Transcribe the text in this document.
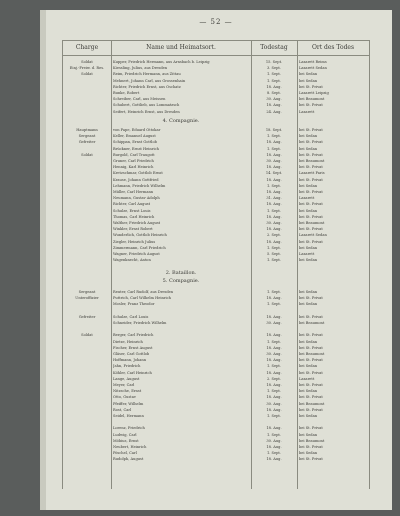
— 52 —
Charge	Name und Heimatsort.	Todestag	Ort des Todes
Soldat	Kupper, Friedrich Hermann, aus Arnsbach b. Leipzig	15. Sept.	Lazarett Reims
Einj.-Freiw. d. Res.	Kiessling, Julius, aus Dresden	3. Sept.	Lazarett Sedan
Soldat	Reim, Friedrich Hermann, aus Zittau	1. Sept.	bei Sedan
Mehnert, Johann Carl, aus Grossenhain	1. Sept.	bei Sedan
Richter, Friedrich Ernst, aus Oschatz	18. Aug.	bei St. Privat
Bunke, Robert	8. Sept.	Lazarett Leipzig
Schreiber, Carl, aus Meissen	30. Aug.	bei Beaumont
Schubert, Gottlieb, aus Lommatzsch	18. Aug.	bei St. Privat
Seifert, Heinrich Ernst, aus Dresden	24. Aug.	Lazarett
4. Compagnie.
Hauptmann	von Pape, Eduard Ottokar	18. Sept.	bei St. Privat
Sergeant	Keller, Emanuel August	1. Sept.	bei Sedan
Gefreiter	Schippan, Ernst Gottlob	18. Aug.	bei St. Privat
Brückner, Ernst Heinrich	1. Sept.	bei Sedan
Soldat	Burgold, Carl Traugott	18. Aug.	bei St. Privat
Gruner, Carl Friedrich	30. Aug.	bei Beaumont
Hennig, Karl Heinrich	18. Aug.	bei St. Privat
Kretzschmar, Gottlob Ernst	14. Sept.	Lazarett Paris
Krause, Johann Gottfried	18. Aug.	bei St. Privat
Lehmann, Friedrich Wilhelm	1. Sept.	bei Sedan
Müller, Carl Hermann	18. Aug.	bei St. Privat
Neumann, Gustav Adolph	31. Aug.	Lazarett
Richter, Carl August	18. Aug.	bei St. Privat
Schulze, Ernst Louis	1. Sept.	bei Sedan
Thomas, Carl Heinrich	18. Aug.	bei St. Privat
Walther, Friedrich August	30. Aug.	bei Beaumont
Winkler, Ernst Robert	18. Aug.	bei St. Privat
Wunderlich, Gottlob Heinrich	2. Sept.	Lazarett Sedan
Ziegler, Heinrich Julius	18. Aug.	bei St. Privat
Zimmermann, Carl Friedrich	1. Sept.	bei Sedan
Wagner, Friedrich August	5. Sept.	Lazarett
Wagenknecht, Anton	1. Sept.	bei Sedan
2. Bataillon.
5. Compagnie.
Sergeant	Reuter, Carl Rudolf, aus Dresden	1. Sept.	bei Sedan
Unteroffizier	Puttrich, Carl Wilhelm Heinrich	18. Aug.	bei St. Privat
Mosler, Franz Theodor	1. Sept.	bei Sedan
Gefreiter	Schulze, Carl Louis	18. Aug.	bei St. Privat
Schneider, Friedrich Wilhelm	30. Aug.	bei Beaumont
Soldat	Berger, Carl Friedrich	18. Aug.	bei St. Privat
Dietze, Heinrich	1. Sept.	bei Sedan
Fischer, Ernst August	18. Aug.	bei St. Privat
Gläser, Carl Gottlob	30. Aug.	bei Beaumont
Hoffmann, Johann	18. Aug.	bei St. Privat
Jahn, Friedrich	1. Sept.	bei Sedan
Köhler, Carl Heinrich	18. Aug.	bei St. Privat
Lange, August	2. Sept.	Lazarett
Meyer, Carl	18. Aug.	bei St. Privat
Nitzsche, Ernst	1. Sept.	bei Sedan
Otto, Gustav	18. Aug.	bei St. Privat
Pfeiffer, Wilhelm	30. Aug.	bei Beaumont
Rost, Carl	18. Aug.	bei St. Privat
Seidel, Hermann	1. Sept.	bei Sedan
Lorenz, Friedrich	18. Aug.	bei St. Privat
Ludwig, Carl	1. Sept.	bei Sedan
Möbius, Ernst	30. Aug.	bei Beaumont
Neubert, Heinrich	18. Aug.	bei St. Privat
Pöschel, Carl	1. Sept.	bei Sedan
Rudolph, August	18. Aug.	bei St. Privat
